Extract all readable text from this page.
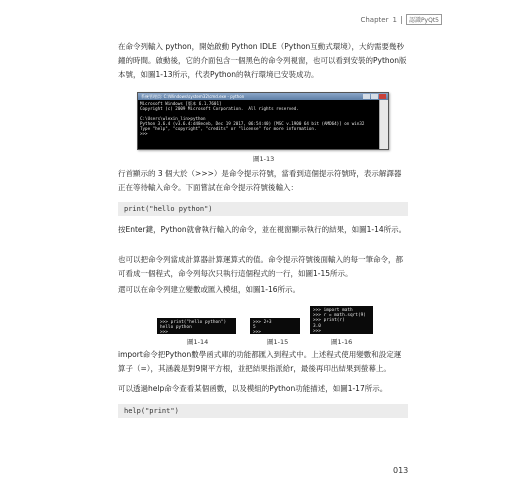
Chapter 1	認識PyQt5
在命令列輸入 python，開始啟動 Python IDLE（Python互動式環境），大約需要幾秒鐘的時間。啟動後，它的介面包含一個黑色的命令列視窗，也可以看到安裝的Python版本號，如圖1-13所示，代表Python的執行環境已安裝成功。
系統管理員: C:\Windows\system32\cmd.exe - python
Microsoft Windows [版本 6.1.7601]
Copyright (c) 2009 Microsoft Corporation.  All rights reserved.

C:\Users\wlexin_lin>python
Python 3.6.4 (v3.6.4:d48eceb, Dec 19 2017, 06:54:40) [MSC v.1900 64 bit (AMD64)] on win32
Type "help", "copyright", "credits" or "license" for more information.
>>>
圖1-13
行首顯示的 3 個大於（>>>）是命令提示符號，當看到這個提示符號時，表示解譯器正在等待輸入命令。下面嘗試在命令提示符號後輸入：
print("hello python")
按Enter鍵，Python就會執行輸入的命令，並在視窗顯示執行的結果，如圖1-14所示。
也可以把命令列當成計算器計算運算式的值。命令提示符號後面輸入的每一筆命令，都可看成一個程式，命令列每次只執行這個程式的一行，如圖1-15所示。
還可以在命令列建立變數或匯入模組，如圖1-16所示。
>>> print("hello python")
hello python
>>>
圖1-14
>>> 2+3
5
>>>
圖1-15
>>> import math
>>> r = math.sqrt(9)
>>> print(r)
3.0
>>>
圖1-16
import命令把Python數學函式庫的功能都匯入到程式中。上述程式使用變數和設定運算子（=），其涵義是對9開平方根，並把結果指派給r，最後再印出結果到螢幕上。
可以透過help命令查看某個函數，以及模組的Python功能描述，如圖1-17所示。
help("print")
013
